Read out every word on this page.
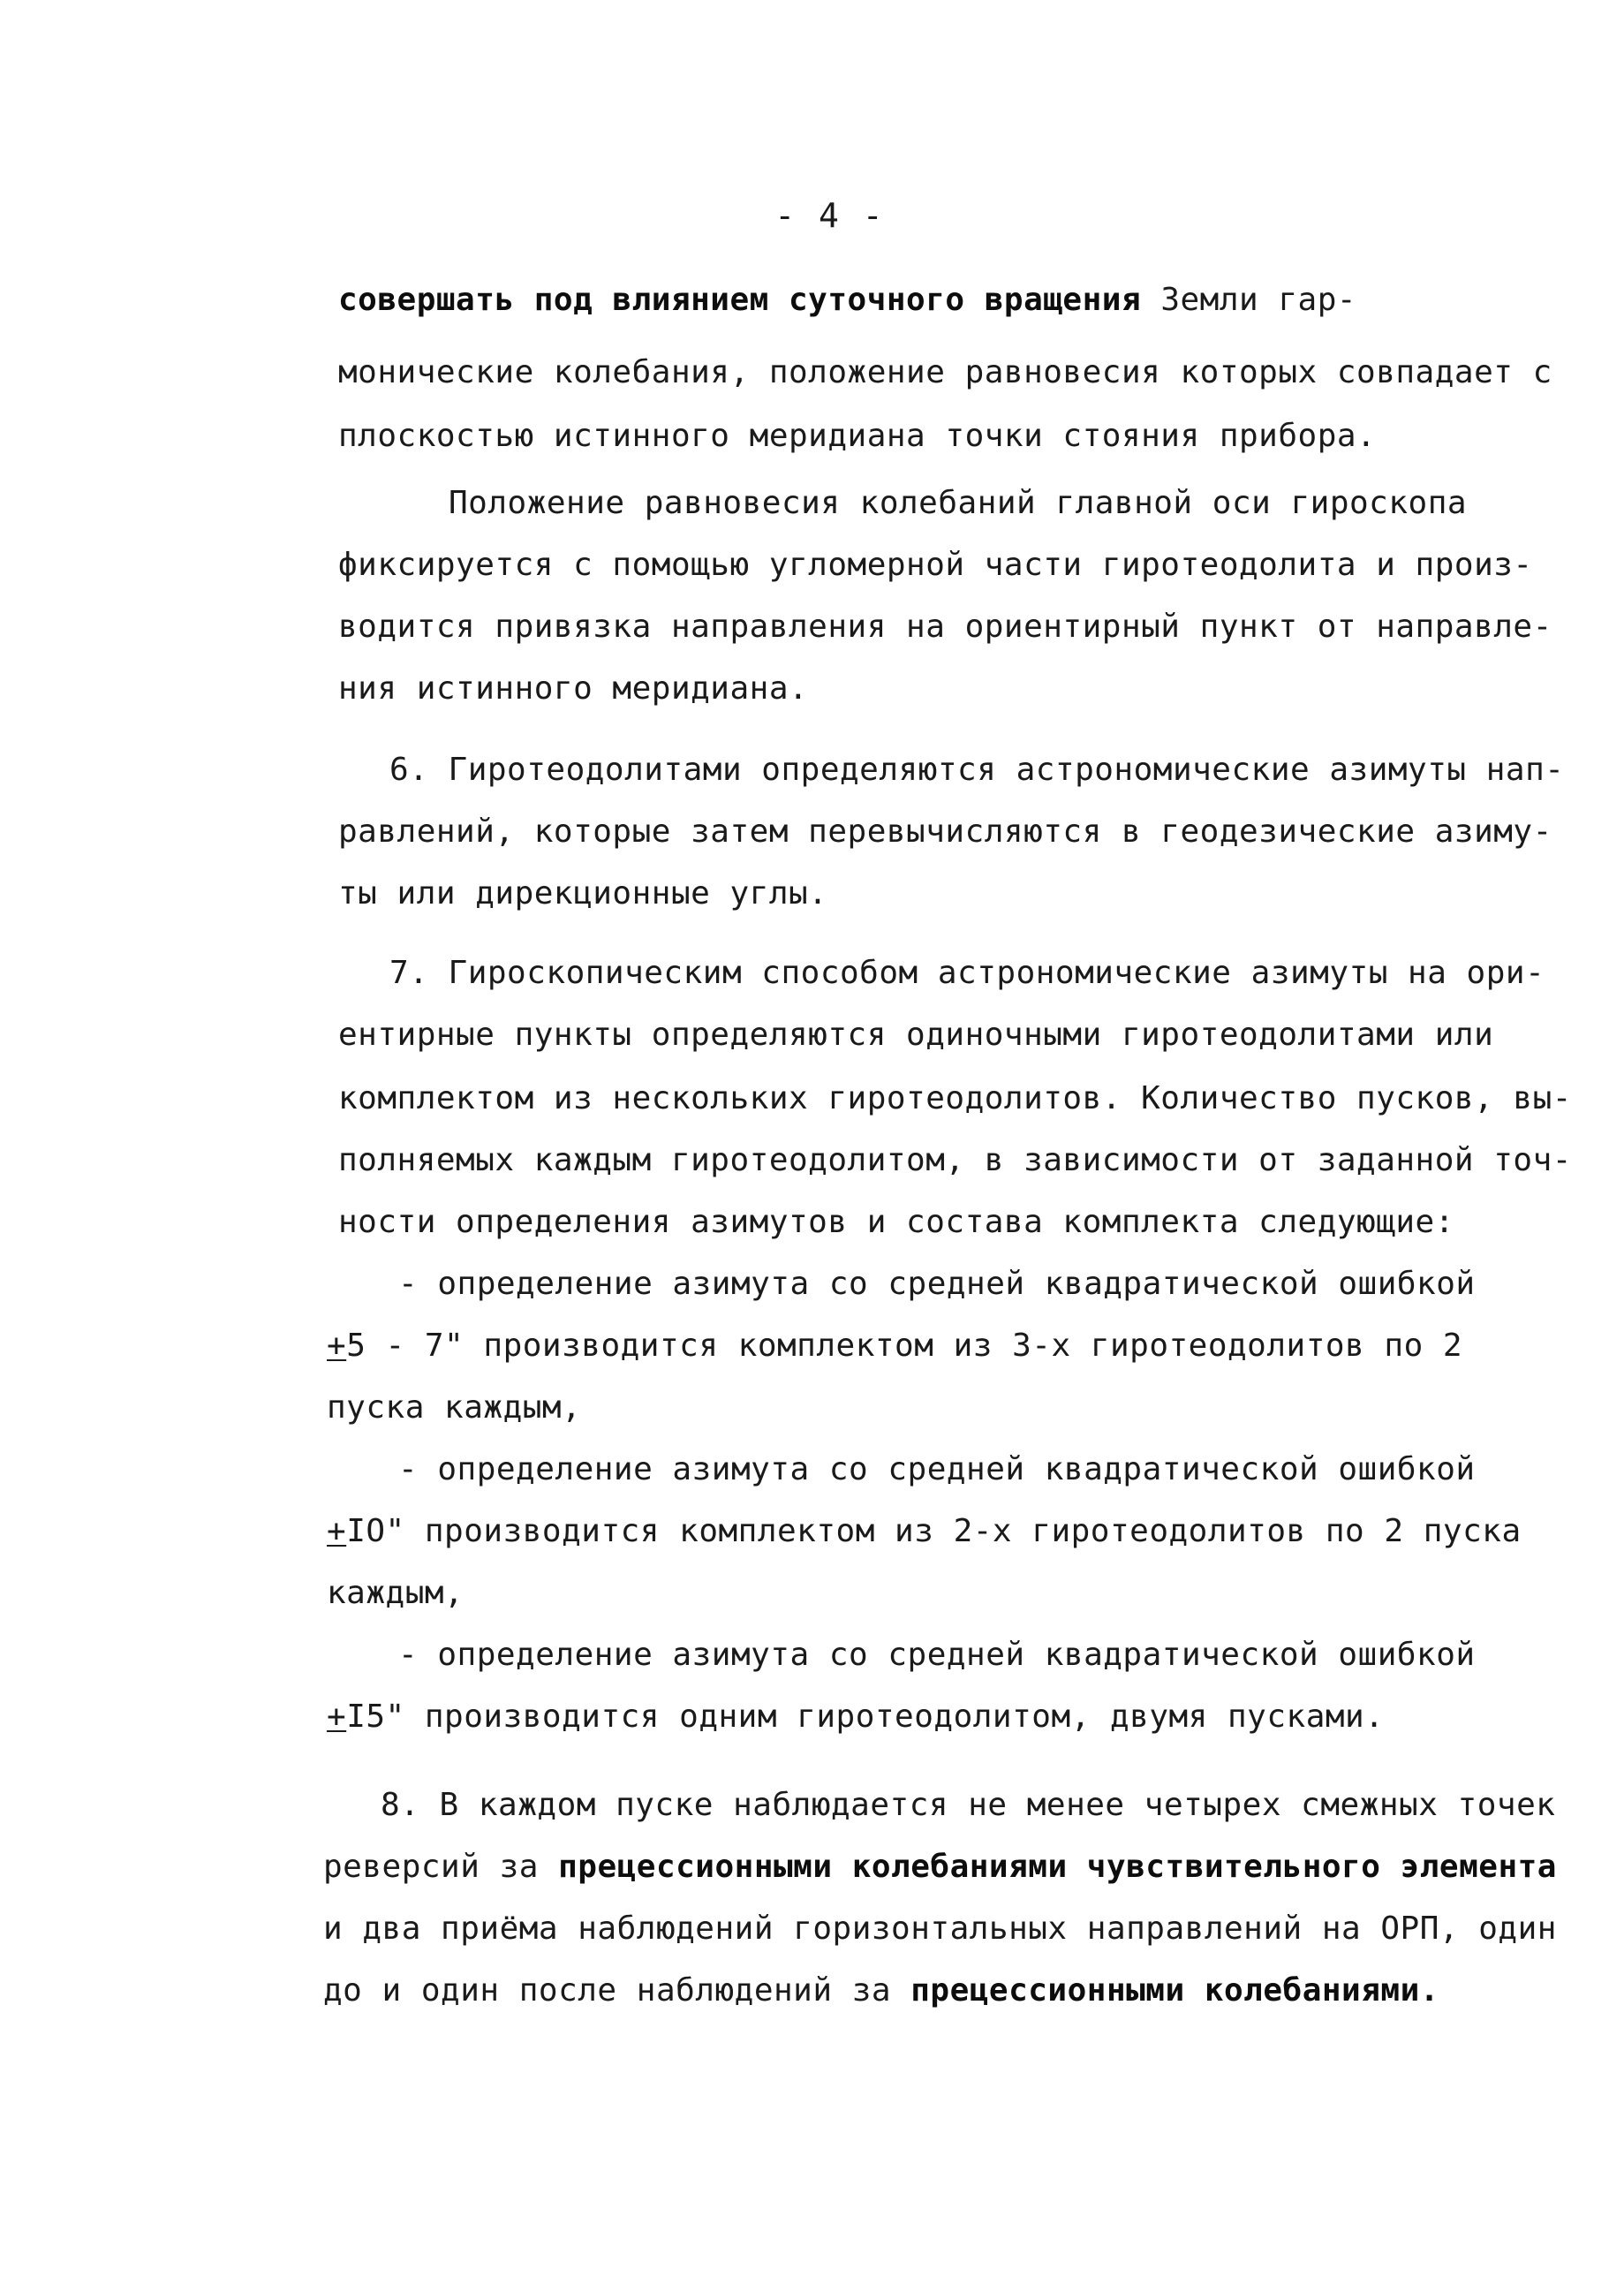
- 4 -
совершать под влиянием суточного вращения Земли гар-
монические колебания, положение равновесия которых совпадает с
плоскостью истинного меридиана точки стояния прибора.
Положение равновесия колебаний главной оси гироскопа
фиксируется с помощью угломерной части гиротеодолита и произ-
водится привязка направления на ориентирный пункт от направле-
ния истинного меридиана.
6. Гиротеодолитами определяются астрономические азимуты нап-
равлений, которые затем перевычисляются в геодезические азиму-
ты или дирекционные углы.
7. Гироскопическим способом астрономические азимуты на ори-
ентирные пункты определяются одиночными гиротеодолитами или
комплектом из нескольких гиротеодолитов. Количество пусков, вы-
полняемых каждым гиротеодолитом, в зависимости от заданной точ-
ности определения азимутов и состава комплекта следующие:
- определение азимута со средней квадратической ошибкой
+5 - 7" производится комплектом из 3-х гиротеодолитов по 2
пуска каждым,
- определение азимута со средней квадратической ошибкой
+IO" производится комплектом из 2-х гиротеодолитов по 2 пуска
каждым,
- определение азимута со средней квадратической ошибкой
+I5" производится одним гиротеодолитом, двумя пусками.
8. В каждом пуске наблюдается не менее четырех смежных точек
реверсий за прецессионными колебаниями чувствительного элемента
и два приёма наблюдений горизонтальных направлений на ОРП, один
до и один после наблюдений за прецессионными колебаниями.
